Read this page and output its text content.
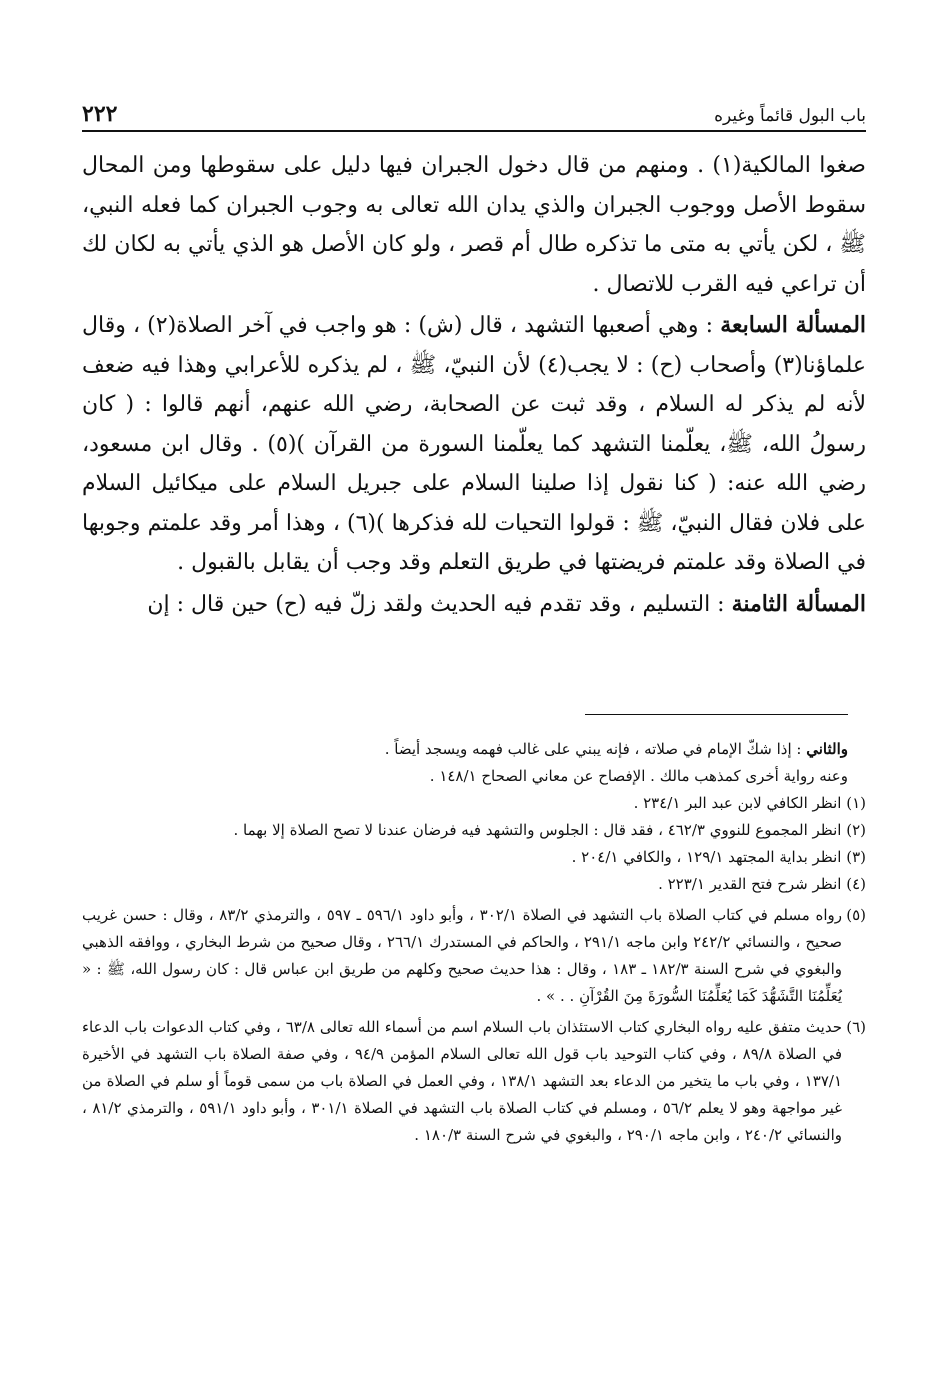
باب البول قائماً وغيره
٢٢٢

صغوا المالكية(١) . ومنهم من قال دخول الجبران فيها دليل على سقوطها ومن المحال سقوط الأصل ووجوب الجبران والذي يدان الله تعالى به وجوب الجبران كما فعله النبي، ﷺ ، لكن يأتي به متى ما تذكره طال أم قصر ، ولو كان الأصل هو الذي يأتي به لكان لك أن تراعي فيه القرب للاتصال .

المسألة السابعة : وهي أصعبها التشهد ، قال (ش) : هو واجب في آخر الصلاة(٢) ، وقال علماؤنا(٣) وأصحاب (ح) : لا يجب(٤) لأن النبيّ، ﷺ ، لم يذكره للأعرابي وهذا فيه ضعف لأنه لم يذكر له السلام ، وقد ثبت عن الصحابة، رضي الله عنهم، أنهم قالوا : ( كان رسولُ الله، ﷺ، يعلّمنا التشهد كما يعلّمنا السورة من القرآن )(٥) . وقال ابن مسعود، رضي الله عنه: ( كنا نقول إذا صلينا السلام على جبريل السلام على ميكائيل السلام على فلان فقال النبيّ، ﷺ : قولوا التحيات لله فذكرها )(٦) ، وهذا أمر وقد علمتم وجوبها في الصلاة وقد علمتم فريضتها في طريق التعلم وقد وجب أن يقابل بالقبول .

المسألة الثامنة : التسليم ، وقد تقدم فيه الحديث ولقد زلّ فيه (ح) حين قال : إن

والثاني : إذا شكّ الإمام في صلاته ، فإنه يبني على غالب فهمه ويسجد أيضاً .

وعنه رواية أخرى كمذهب مالك . الإفصاح عن معاني الصحاح ١٤٨/١ .

(١) انظر الكافي لابن عبد البر ٢٣٤/١ .

(٢) انظر المجموع للنووي ٤٦٢/٣ ، فقد قال : الجلوس والتشهد فيه فرضان عندنا لا تصح الصلاة إلا بهما .

(٣) انظر بداية المجتهد ١٢٩/١ ، والكافي ٢٠٤/١ .

(٤) انظر شرح فتح القدير ٢٢٣/١ .

(٥)
رواه مسلم في كتاب الصلاة باب التشهد في الصلاة ٣٠٢/١ ، وأبو داود ٥٩٦/١ ـ ٥٩٧ ، والترمذي ٨٣/٢ ، وقال : حسن غريب صحيح ، والنسائي ٢٤٢/٢ وابن ماجه ٢٩١/١ ، والحاكم في المستدرك ٢٦٦/١ ، وقال صحيح من شرط البخاري ، ووافقه الذهبي والبغوي في شرح السنة ١٨٢/٣ ـ ١٨٣ ، وقال : هذا حديث صحيح وكلهم من طريق ابن عباس قال : كان رسول الله، ﷺ : « يُعَلِّمُنَا التَّشَهُّدَ كَمَا يُعَلِّمُنَا السُّورَةَ مِنَ القُرْآنِ . . » .
(٦)
حديث متفق عليه رواه البخاري كتاب الاستئذان باب السلام اسم من أسماء الله تعالى ٦٣/٨ ، وفي كتاب الدعوات باب الدعاء في الصلاة ٨٩/٨ ، وفي كتاب التوحيد باب قول الله تعالى السلام المؤمن ٩٤/٩ ، وفي صفة الصلاة باب التشهد في الأخيرة ١٣٧/١ ، وفي باب ما يتخير من الدعاء بعد التشهد ١٣٨/١ ، وفي العمل في الصلاة باب من سمى قوماً أو سلم في الصلاة من غير مواجهة وهو لا يعلم ٥٦/٢ ، ومسلم في كتاب الصلاة باب التشهد في الصلاة ٣٠١/١ ، وأبو داود ٥٩١/١ ، والترمذي ٨١/٢ ، والنسائي ٢٤٠/٢ ، وابن ماجه ٢٩٠/١ ، والبغوي في شرح السنة ١٨٠/٣ .
